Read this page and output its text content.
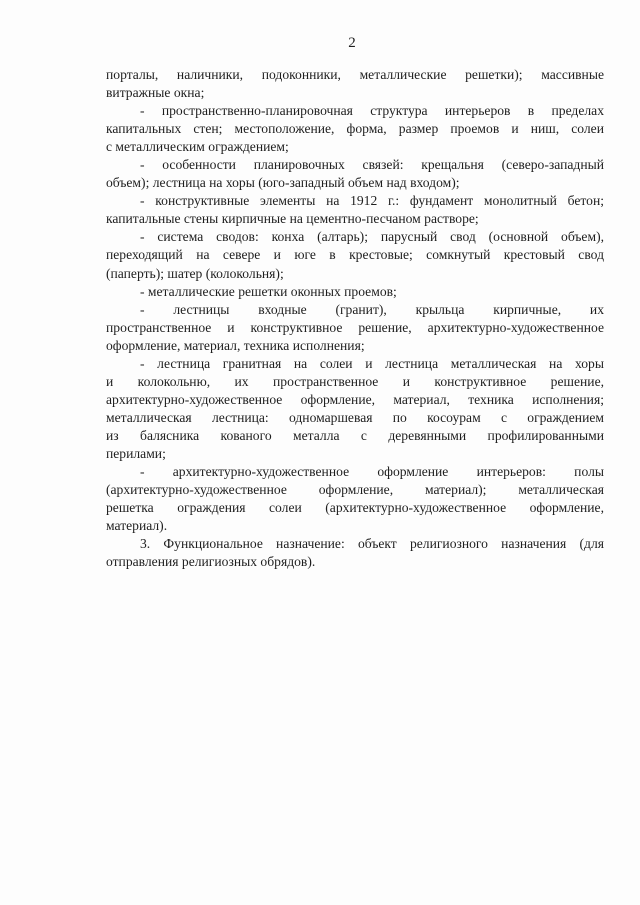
2
порталы, наличники, подоконники, металлические решетки); массивные
витражные окна;
- пространственно-планировочная структура интерьеров в пределах
капитальных стен; местоположение, форма, размер проемов и ниш, солеи
с металлическим ограждением;
- особенности планировочных связей: крещальня (северо-западный
объем); лестница на хоры (юго-западный объем над входом);
- конструктивные элементы на 1912 г.: фундамент монолитный бетон;
капитальные стены кирпичные на цементно-песчаном растворе;
- система сводов: конха (алтарь); парусный свод (основной объем),
переходящий на севере и юге в крестовые; сомкнутый крестовый свод
(паперть); шатер (колокольня);
- металлические решетки оконных проемов;
- лестницы входные (гранит), крыльца кирпичные, их
пространственное и конструктивное решение, архитектурно-художественное
оформление, материал, техника исполнения;
- лестница гранитная на солеи и лестница металлическая на хоры
и колокольню, их пространственное и конструктивное решение,
архитектурно-художественное оформление, материал, техника исполнения;
металлическая лестница: одномаршевая по косоурам с ограждением
из балясника кованого металла с деревянными профилированными
перилами;
- архитектурно-художественное оформление интерьеров: полы
(архитектурно-художественное оформление, материал); металлическая
решетка ограждения солеи (архитектурно-художественное оформление,
материал).
3. Функциональное назначение: объект религиозного назначения (для
отправления религиозных обрядов).
